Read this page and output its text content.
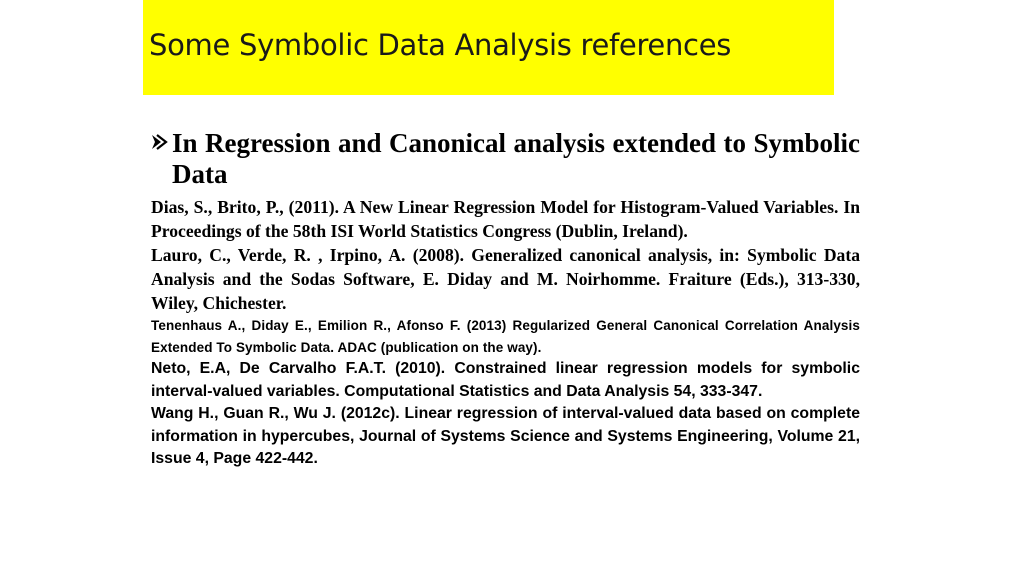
Some Symbolic Data Analysis references

In Regression and Canonical analysis extended to Symbolic Data

Dias, S., Brito, P., (2011). A New Linear Regression Model for Histogram-Valued Variables. In Proceedings of the 58th ISI World Statistics Congress (Dublin, Ireland).
Lauro, C., Verde, R. , Irpino, A. (2008). Generalized canonical analysis, in: Symbolic Data Analysis and the Sodas Software, E. Diday and M. Noirhomme. Fraiture (Eds.), 313-330, Wiley, Chichester.
Tenenhaus A., Diday E., Emilion R., Afonso F. (2013) Regularized General Canonical Correlation Analysis Extended To Symbolic Data. ADAC (publication on the way).
Neto, E.A, De Carvalho F.A.T. (2010). Constrained linear regression models for symbolic interval-valued variables. Computational Statistics and Data Analysis 54, 333-347.
Wang H., Guan R., Wu J. (2012c). Linear regression of interval-valued data based on complete information in hypercubes, Journal of Systems Science and Systems Engineering, Volume 21, Issue 4, Page 422-442.
